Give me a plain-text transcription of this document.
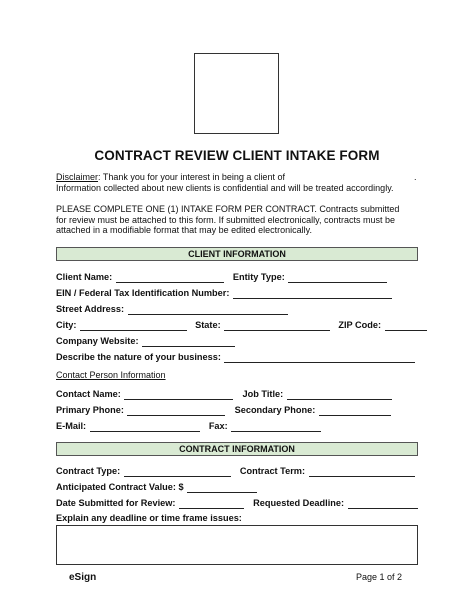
CONTRACT REVIEW CLIENT INTAKE FORM
Disclaimer: Thank you for your interest in being a client of
Information collected about new clients is confidential and will be treated accordingly.
.
PLEASE COMPLETE ONE (1) INTAKE FORM PER CONTRACT. Contracts submitted
for review must be attached to this form. If submitted electronically, contracts must be
attached in a modifiable format that may be edited electronically.
CLIENT INFORMATION
Client Name:	Entity Type:
EIN / Federal Tax Identification Number:
Street Address:
City:	State:	ZIP Code:
Company Website:
Describe the nature of your business:
Contact Person Information
Contact Name:	Job Title:
Primary Phone:	Secondary Phone:
E-Mail:	Fax:
CONTRACT INFORMATION
Contract Type:	Contract Term:
Anticipated Contract Value: $
Date Submitted for Review:	Requested Deadline:
Explain any deadline or time frame issues:
eSign	Page 1 of 2
